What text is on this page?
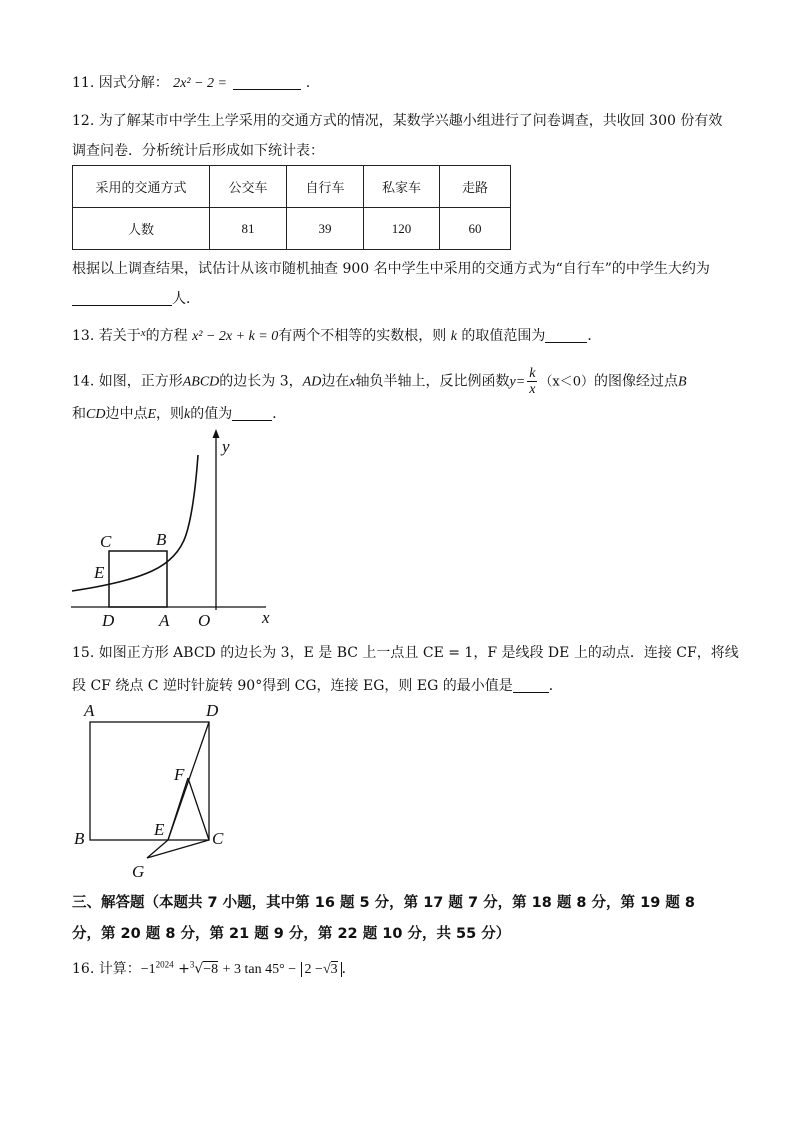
11. 因式分解： 2x² − 2 =	．
12. 为了解某市中学生上学采用的交通方式的情况，某数学兴趣小组进行了问卷调查，共收回 300 份有效
调查问卷．分析统计后形成如下统计表：
采用的交通方式	公交车	自行车	私家车	走路
人数	81	39	120	60
根据以上调查结果，试估计从该市随机抽查 900 名中学生中采用的交通方式为“自行车”的中学生大约为
人．
13. 若关于$^x$的方程 x² − 2x + k = 0有两个不相等的实数根，则 k 的取值范围为	．
14. 如图，正方形ABCD的边长为 3，AD边在x轴负半轴上，反比例函数$y= \frac{k}{x} (x<0)$的图像经过点B
和CD边中点E，则k的值为	．
y
C	B
E
D	A O	x
15. 如图正方形 ABCD 的边长为 3，E 是 BC 上一点且 CE = 1，F 是线段 DE 上的动点．连接 CF，将线
段 CF 绕点 C 逆时针旋转 90°得到 CG，连接 EG，则 EG 的最小值是	．
A	D
F
E
B	C
G
三、解答题（本题共 7 小题，其中第 16 题 5 分，第 17 题 7 分，第 18 题 8 分，第 19 题 8
分，第 20 题 8 分，第 21 题 9 分，第 22 题 10 分，共 55 分）
16. 计算：$-1^{2024} +^3√-8 + 3$ tan 45° − 2 −√3 ．
